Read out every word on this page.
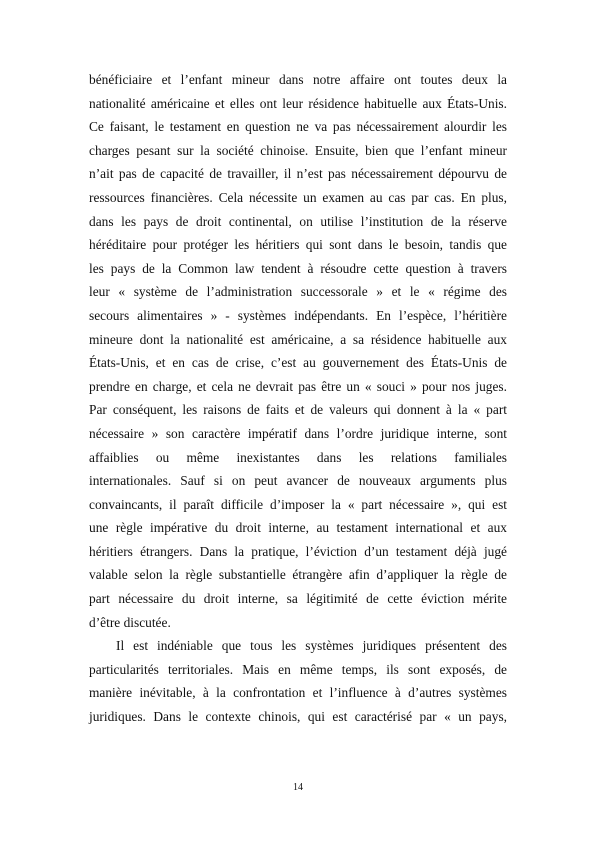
bénéficiaire et l’enfant mineur dans notre affaire ont toutes deux la
nationalité américaine et elles ont leur résidence habituelle aux États-Unis.
Ce faisant, le testament en question ne va pas nécessairement alourdir les
charges pesant sur la société chinoise. Ensuite, bien que l’enfant mineur
n’ait pas de capacité de travailler, il n’est pas nécessairement dépourvu de
ressources financières. Cela nécessite un examen au cas par cas. En plus,
dans les pays de droit continental, on utilise l’institution de la réserve
héréditaire pour protéger les héritiers qui sont dans le besoin, tandis que
les pays de la Common law tendent à résoudre cette question à travers
leur « système de l’administration successorale » et le « régime des
secours alimentaires » - systèmes indépendants. En l’espèce, l’héritière
mineure dont la nationalité est américaine, a sa résidence habituelle aux
États-Unis, et en cas de crise, c’est au gouvernement des États-Unis de
prendre en charge, et cela ne devrait pas être un « souci » pour nos juges.
Par conséquent, les raisons de faits et de valeurs qui donnent à la « part
nécessaire » son caractère impératif dans l’ordre juridique interne, sont
affaiblies ou même inexistantes dans les relations familiales
internationales. Sauf si on peut avancer de nouveaux arguments plus
convaincants, il paraît difficile d’imposer la « part nécessaire », qui est
une règle impérative du droit interne, au testament international et aux
héritiers étrangers. Dans la pratique, l’éviction d’un testament déjà jugé
valable selon la règle substantielle étrangère afin d’appliquer la règle de
part nécessaire du droit interne, sa légitimité de cette éviction mérite
d’être discutée.
Il est indéniable que tous les systèmes juridiques présentent des
particularités territoriales. Mais en même temps, ils sont exposés, de
manière inévitable, à la confrontation et l’influence à d’autres systèmes
juridiques. Dans le contexte chinois, qui est caractérisé par « un pays,
14
